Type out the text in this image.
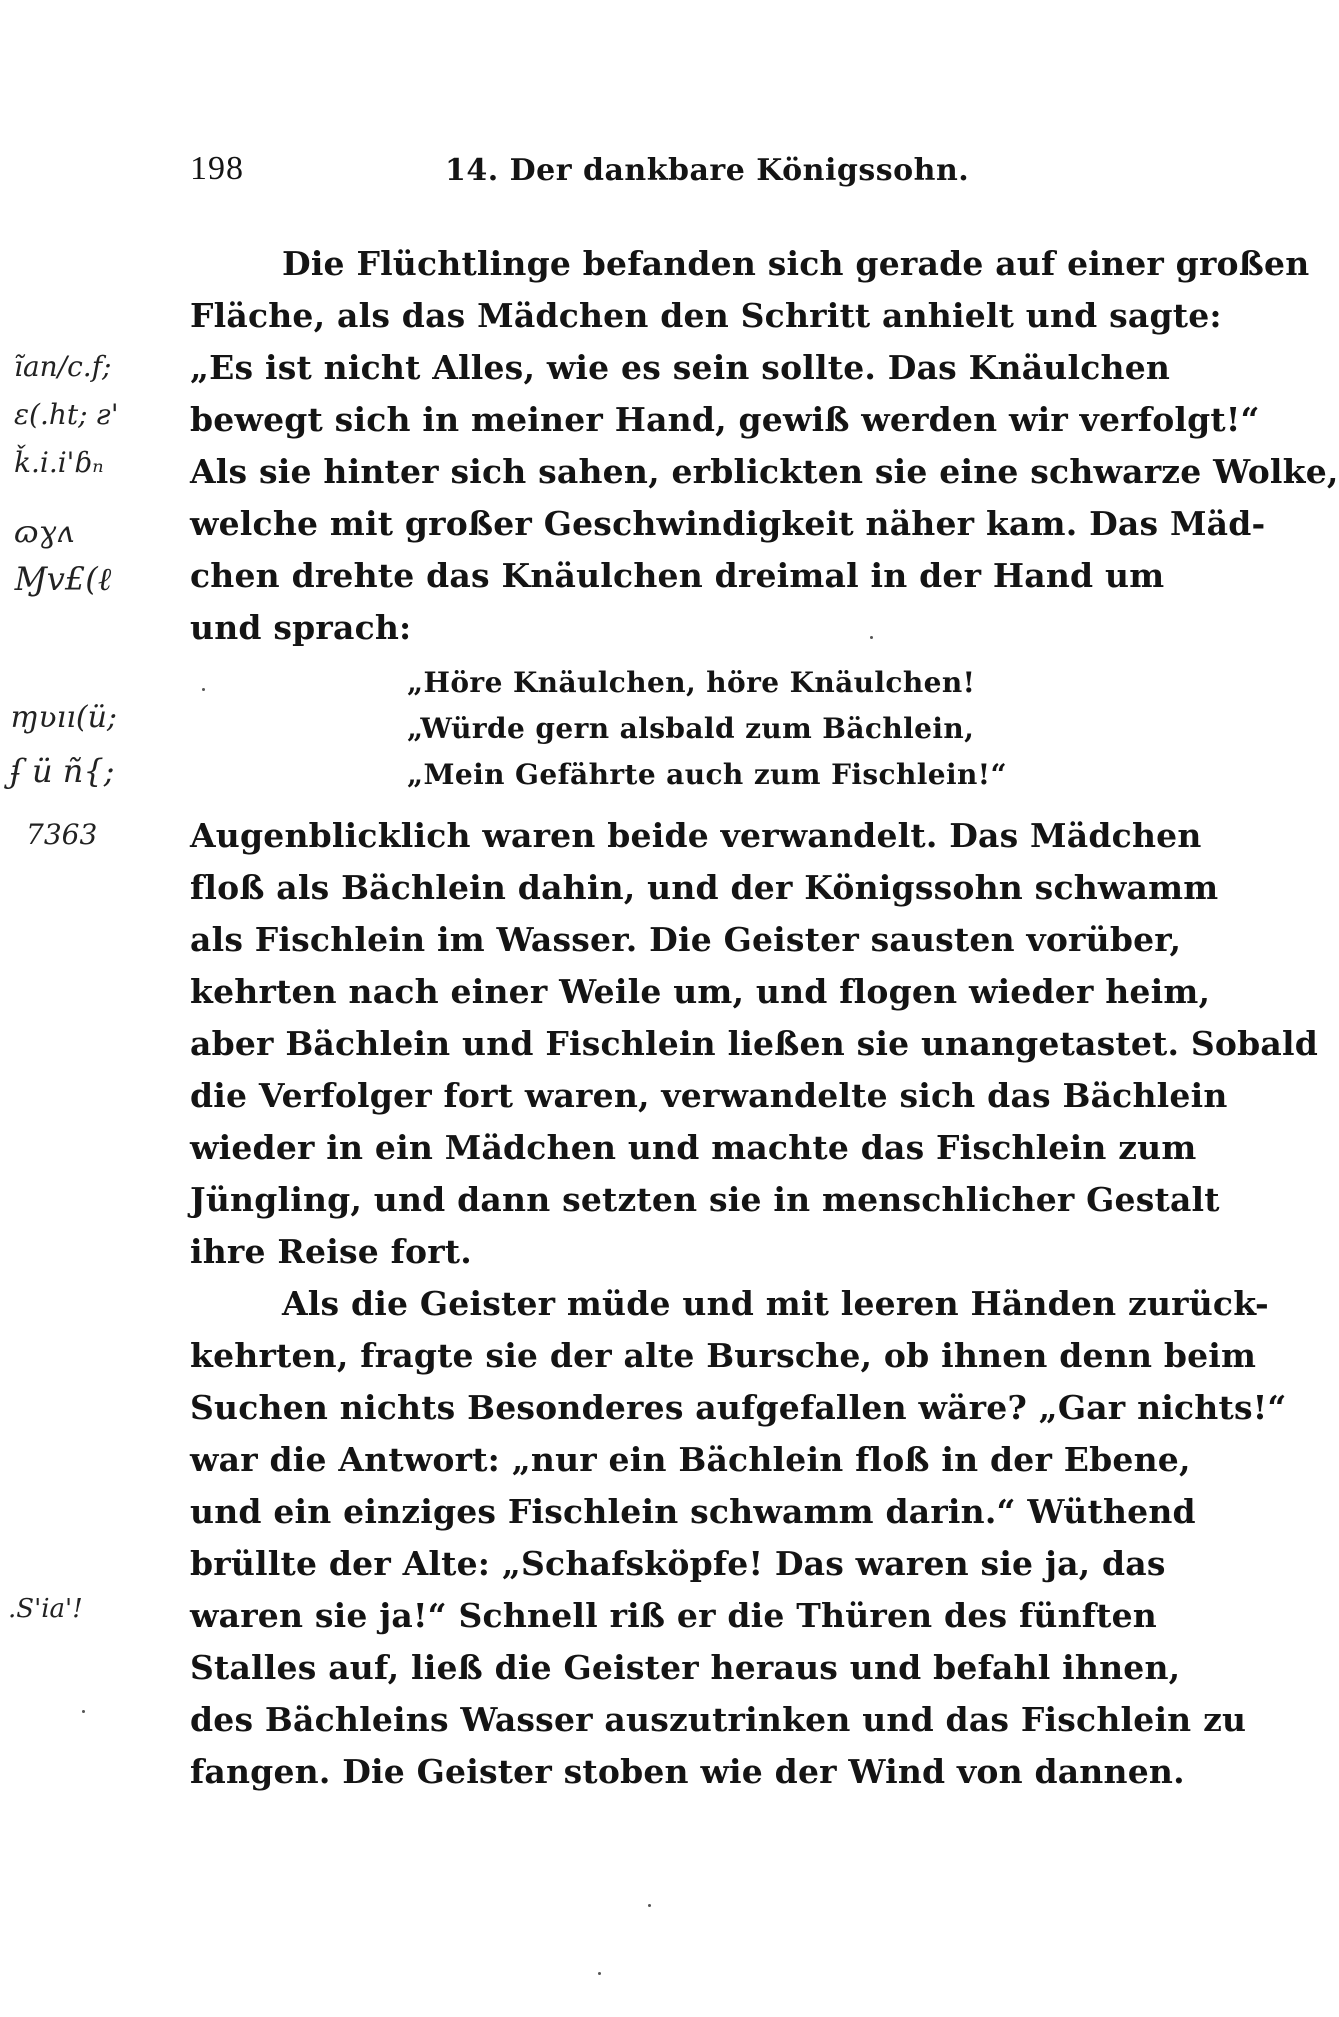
198	14. Der dankbare Königssohn.
Die Flüchtlinge befanden sich gerade auf einer großen
Fläche, als das Mädchen den Schritt anhielt und sagte:
„Es ist nicht Alles, wie es sein sollte. Das Knäulchen
bewegt sich in meiner Hand, gewiß werden wir verfolgt!“
Als sie hinter sich sahen, erblickten sie eine schwarze Wolke,
welche mit großer Geschwindigkeit näher kam. Das Mäd-
chen drehte das Knäulchen dreimal in der Hand um
und sprach:
„Höre Knäulchen, höre Knäulchen!
„Würde gern alsbald zum Bächlein,
„Mein Gefährte auch zum Fischlein!“
Augenblicklich waren beide verwandelt. Das Mädchen
floß als Bächlein dahin, und der Königssohn schwamm
als Fischlein im Wasser. Die Geister sausten vorüber,
kehrten nach einer Weile um, und flogen wieder heim,
aber Bächlein und Fischlein ließen sie unangetastet. Sobald
die Verfolger fort waren, verwandelte sich das Bächlein
wieder in ein Mädchen und machte das Fischlein zum
Jüngling, und dann setzten sie in menschlicher Gestalt
ihre Reise fort.
Als die Geister müde und mit leeren Händen zurück-
kehrten, fragte sie der alte Bursche, ob ihnen denn beim
Suchen nichts Besonderes aufgefallen wäre? „Gar nichts!“
war die Antwort: „nur ein Bächlein floß in der Ebene,
und ein einziges Fischlein schwamm darin.“ Wüthend
brüllte der Alte: „Schafsköpfe! Das waren sie ja, das
waren sie ja!“ Schnell riß er die Thüren des fünften
Stalles auf, ließ die Geister heraus und befahl ihnen,
des Bächleins Wasser auszutrinken und das Fischlein zu
fangen. Die Geister stoben wie der Wind von dannen.
ĩan/c.f;
ɛ(.ht; ƨ'
ǩ.i.i'ɓₙ
ɷɣʌ
Ɱv£(ℓ
ɱʋıı(ü;
ʄ ü ñ{;
7363
.S'ia'!
